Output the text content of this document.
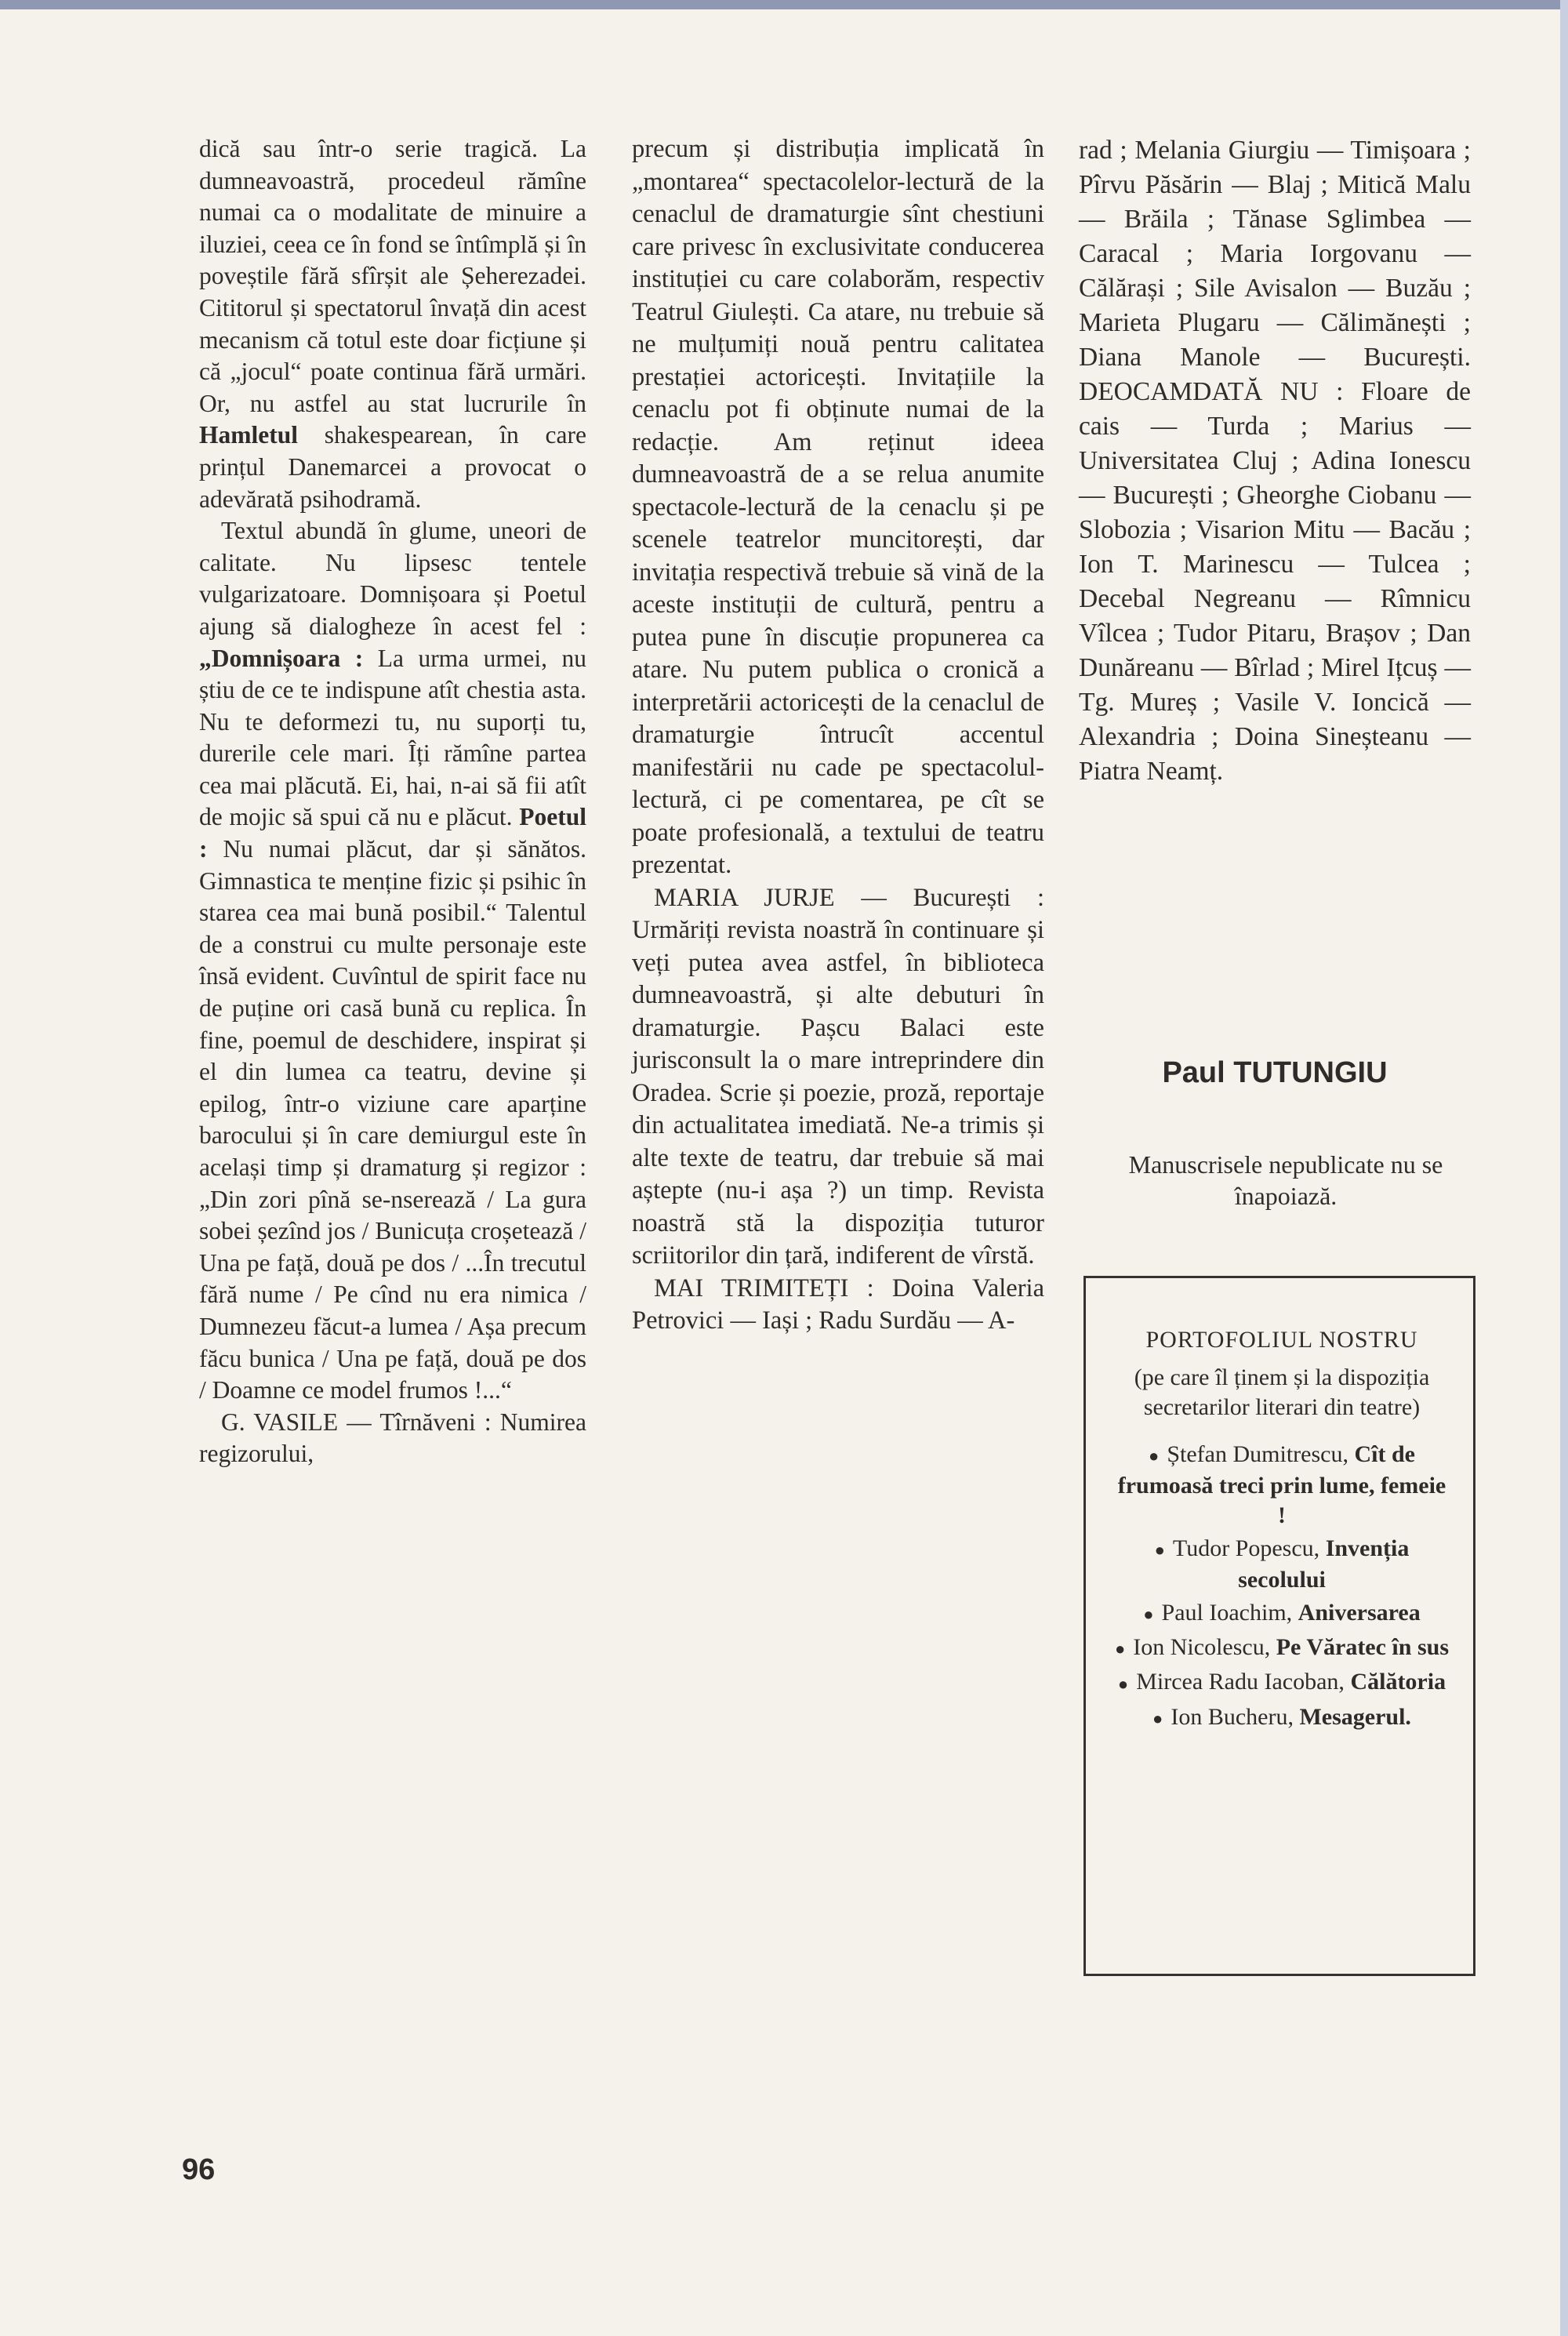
dică sau într-o serie tragică. La dumneavoastră, procedeul rămîne numai ca o modalitate de minuire a iluziei, ceea ce în fond se întîmplă și în poveștile fără sfîrșit ale Șeherezadei. Cititorul și spectatorul învață din acest mecanism că totul este doar ficțiune și că „jocul“ poate continua fără urmări. Or, nu astfel au stat lucrurile în Hamletul shakespearean, în care prințul Danemarcei a provocat o adevărată psihodramă.

Textul abundă în glume, uneori de calitate. Nu lipsesc tentele vulgarizatoare. Domnișoara și Poetul ajung să dialogheze în acest fel : „Domnișoara : La urma urmei, nu știu de ce te indispune atît chestia asta. Nu te deformezi tu, nu suporți tu, durerile cele mari. Îți rămîne partea cea mai plăcută. Ei, hai, n-ai să fii atît de mojic să spui că nu e plăcut. Poetul : Nu numai plăcut, dar și sănătos. Gimnastica te menține fizic și psihic în starea cea mai bună posibil.“ Talentul de a construi cu multe personaje este însă evident. Cuvîntul de spirit face nu de puține ori casă bună cu replica. În fine, poemul de deschidere, inspirat și el din lumea ca teatru, devine și epilog, într-o viziune care aparține barocului și în care demiurgul este în același timp și dramaturg și regizor : „Din zori pînă se-nserează / La gura sobei șezînd jos / Bunicuța croșetează / Una pe față, două pe dos / ...În trecutul fără nume / Pe cînd nu era nimica / Dumnezeu făcut-a lumea / Așa precum făcu bunica / Una pe față, două pe dos / Doamne ce model frumos !...“

G. VASILE — Tîrnăveni : Numirea regizorului,

precum și distribuția implicată în „montarea“ spectacolelor-lectură de la cenaclul de dramaturgie sînt chestiuni care privesc în exclusivitate conducerea instituției cu care colaborăm, respectiv Teatrul Giulești. Ca atare, nu trebuie să ne mulțumiți nouă pentru calitatea prestației actoricești. Invitațiile la cenaclu pot fi obținute numai de la redacție. Am reținut ideea dumneavoastră de a se relua anumite spectacole-lectură de la cenaclu și pe scenele teatrelor muncitorești, dar invitația respectivă trebuie să vină de la aceste instituții de cultură, pentru a putea pune în discuție propunerea ca atare. Nu putem publica o cronică a interpretării actoricești de la cenaclul de dramaturgie întrucît accentul manifestării nu cade pe spectacolul-lectură, ci pe comentarea, pe cît se poate profesională, a textului de teatru prezentat.

MARIA JURJE — București : Urmăriți revista noastră în continuare și veți putea avea astfel, în biblioteca dumneavoastră, și alte debuturi în dramaturgie. Pașcu Balaci este jurisconsult la o mare intreprindere din Oradea. Scrie și poezie, proză, reportaje din actualitatea imediată. Ne-a trimis și alte texte de teatru, dar trebuie să mai aștepte (nu-i așa ?) un timp. Revista noastră stă la dispoziția tuturor scriitorilor din țară, indiferent de vîrstă.

MAI TRIMITEȚI : Doina Valeria Petrovici — Iași ; Radu Surdău — A-

rad ; Melania Giurgiu — Timișoara ; Pîrvu Păsărin — Blaj ; Mitică Malu — Brăila ; Tănase Sglimbea — Caracal ; Maria Iorgovanu — Călărași ; Sile Avisalon — Buzău ; Marieta Plugaru — Călimănești ; Diana Manole — București. DEOCAMDATĂ NU : Floare de cais — Turda ; Marius — Universitatea Cluj ; Adina Ionescu — București ; Gheorghe Ciobanu — Slobozia ; Visarion Mitu — Bacău ; Ion T. Marinescu — Tulcea ; Decebal Negreanu — Rîmnicu Vîlcea ; Tudor Pitaru, Brașov ; Dan Dunăreanu — Bîrlad ; Mirel Ițcuș — Tg. Mureș ; Vasile V. Ioncică — Alexandria ; Doina Sineșteanu — Piatra Neamț.

Paul TUTUNGIU
Manuscrisele nepublicate nu se înapoiază.
PORTOFOLIUL NOSTRU
(pe care îl ținem și la dispoziția secretarilor literari din teatre)
● Ștefan Dumitrescu, Cît de frumoasă treci prin lume, femeie !
● Tudor Popescu, Invenția secolului
● Paul Ioachim, Aniversarea
● Ion Nicolescu, Pe Văratec în sus
● Mircea Radu Iacoban, Călătoria
● Ion Bucheru, Mesagerul.
96
